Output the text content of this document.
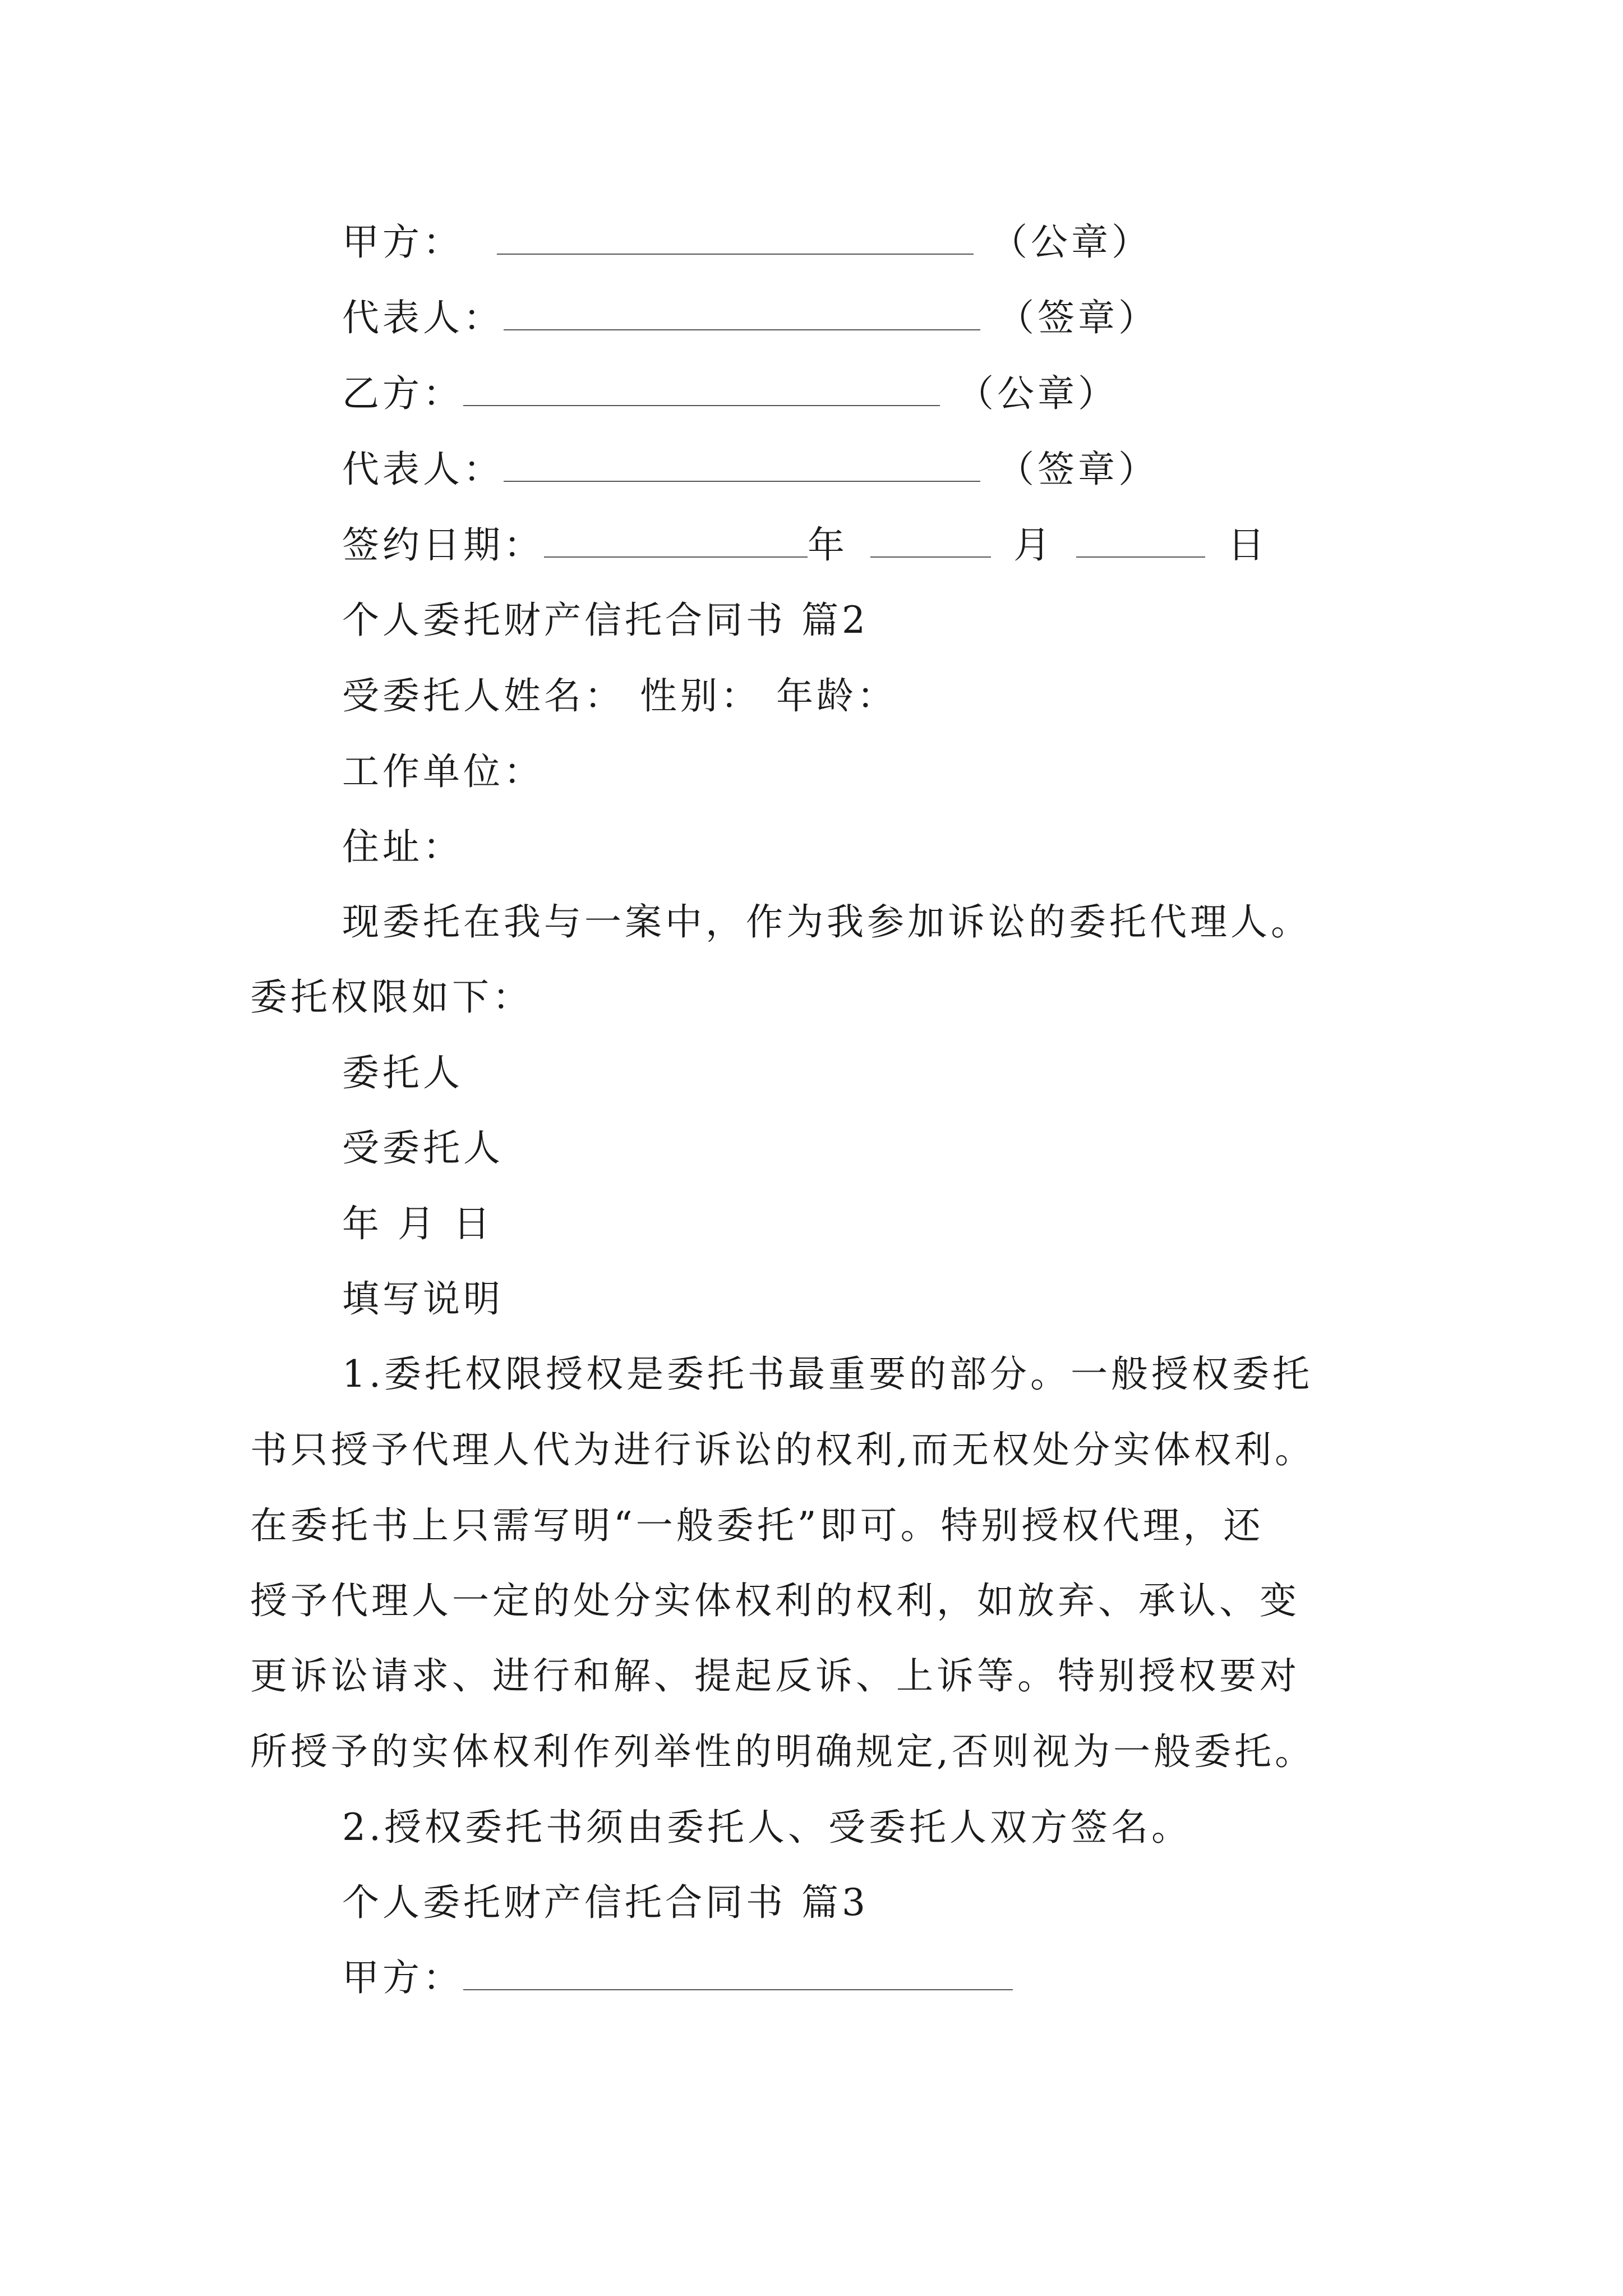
甲方：	（公章）
代表人：	（签章）
乙方：	（公章）
代表人：	（签章）
签约日期：	年	月	日
个人委托财产信托合同书 篇2
受委托人姓名： 性别： 年龄：
工作单位：
住址：
现委托在我与一案中，作为我参加诉讼的委托代理人。
委托权限如下：
委托人
受委托人
年 月 日
填写说明
1.委托权限授权是委托书最重要的部分。一般授权委托
书只授予代理人代为进行诉讼的权利,而无权处分实体权利。
在委托书上只需写明“一般委托”即可。特别授权代理，还
授予代理人一定的处分实体权利的权利，如放弃、承认、变
更诉讼请求、进行和解、提起反诉、上诉等。特别授权要对
所授予的实体权利作列举性的明确规定,否则视为一般委托。
2.授权委托书须由委托人、受委托人双方签名。
个人委托财产信托合同书 篇3
甲方：
